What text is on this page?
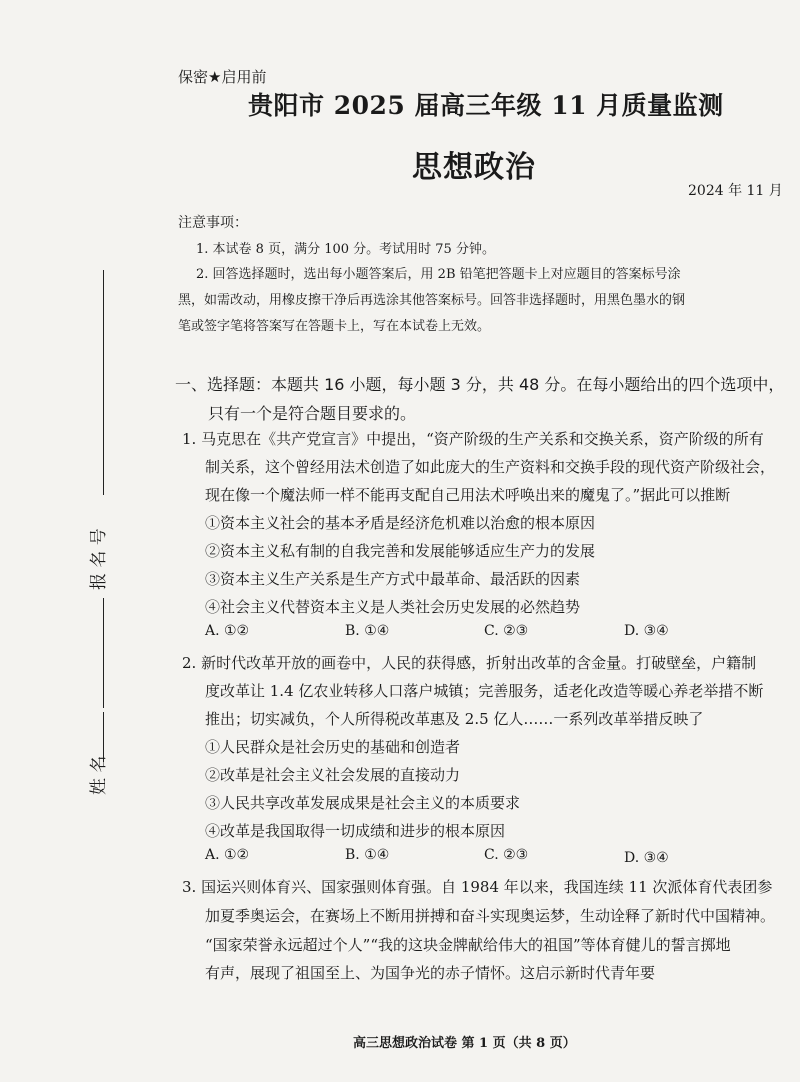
报 名 号
姓 名
保密★启用前
贵阳市 2025 届高三年级 11 月质量监测
思想政治
2024 年 11 月
注意事项：
1. 本试卷 8 页，满分 100 分。考试用时 75 分钟。
2. 回答选择题时，选出每小题答案后，用 2B 铅笔把答题卡上对应题目的答案标号涂
黑，如需改动，用橡皮擦干净后再选涂其他答案标号。回答非选择题时，用黑色墨水的钢
笔或签字笔将答案写在答题卡上，写在本试卷上无效。
一、选择题：本题共 16 小题，每小题 3 分，共 48 分。在每小题给出的四个选项中，
只有一个是符合题目要求的。
1. 马克思在《共产党宣言》中提出，“资产阶级的生产关系和交换关系，资产阶级的所有
制关系，这个曾经用法术创造了如此庞大的生产资料和交换手段的现代资产阶级社会，
现在像一个魔法师一样不能再支配自己用法术呼唤出来的魔鬼了。”据此可以推断
①资本主义社会的基本矛盾是经济危机难以治愈的根本原因
②资本主义私有制的自我完善和发展能够适应生产力的发展
③资本主义生产关系是生产方式中最革命、最活跃的因素
④社会主义代替资本主义是人类社会历史发展的必然趋势
A. ①②	B. ①④	C. ②③	D. ③④
2. 新时代改革开放的画卷中，人民的获得感，折射出改革的含金量。打破壁垒，户籍制
度改革让 1.4 亿农业转移人口落户城镇；完善服务，适老化改造等暖心养老举措不断
推出；切实减负，个人所得税改革惠及 2.5 亿人……一系列改革举措反映了
①人民群众是社会历史的基础和创造者
②改革是社会主义社会发展的直接动力
③人民共享改革发展成果是社会主义的本质要求
④改革是我国取得一切成绩和进步的根本原因
A. ①②	B. ①④	C. ②③	D. ③④
3. 国运兴则体育兴、国家强则体育强。自 1984 年以来，我国连续 11 次派体育代表团参
加夏季奥运会，在赛场上不断用拼搏和奋斗实现奥运梦，生动诠释了新时代中国精神。
“国家荣誉永远超过个人”“我的这块金牌献给伟大的祖国”等体育健儿的誓言掷地
有声，展现了祖国至上、为国争光的赤子情怀。这启示新时代青年要
高三思想政治试卷 第 1 页（共 8 页）
